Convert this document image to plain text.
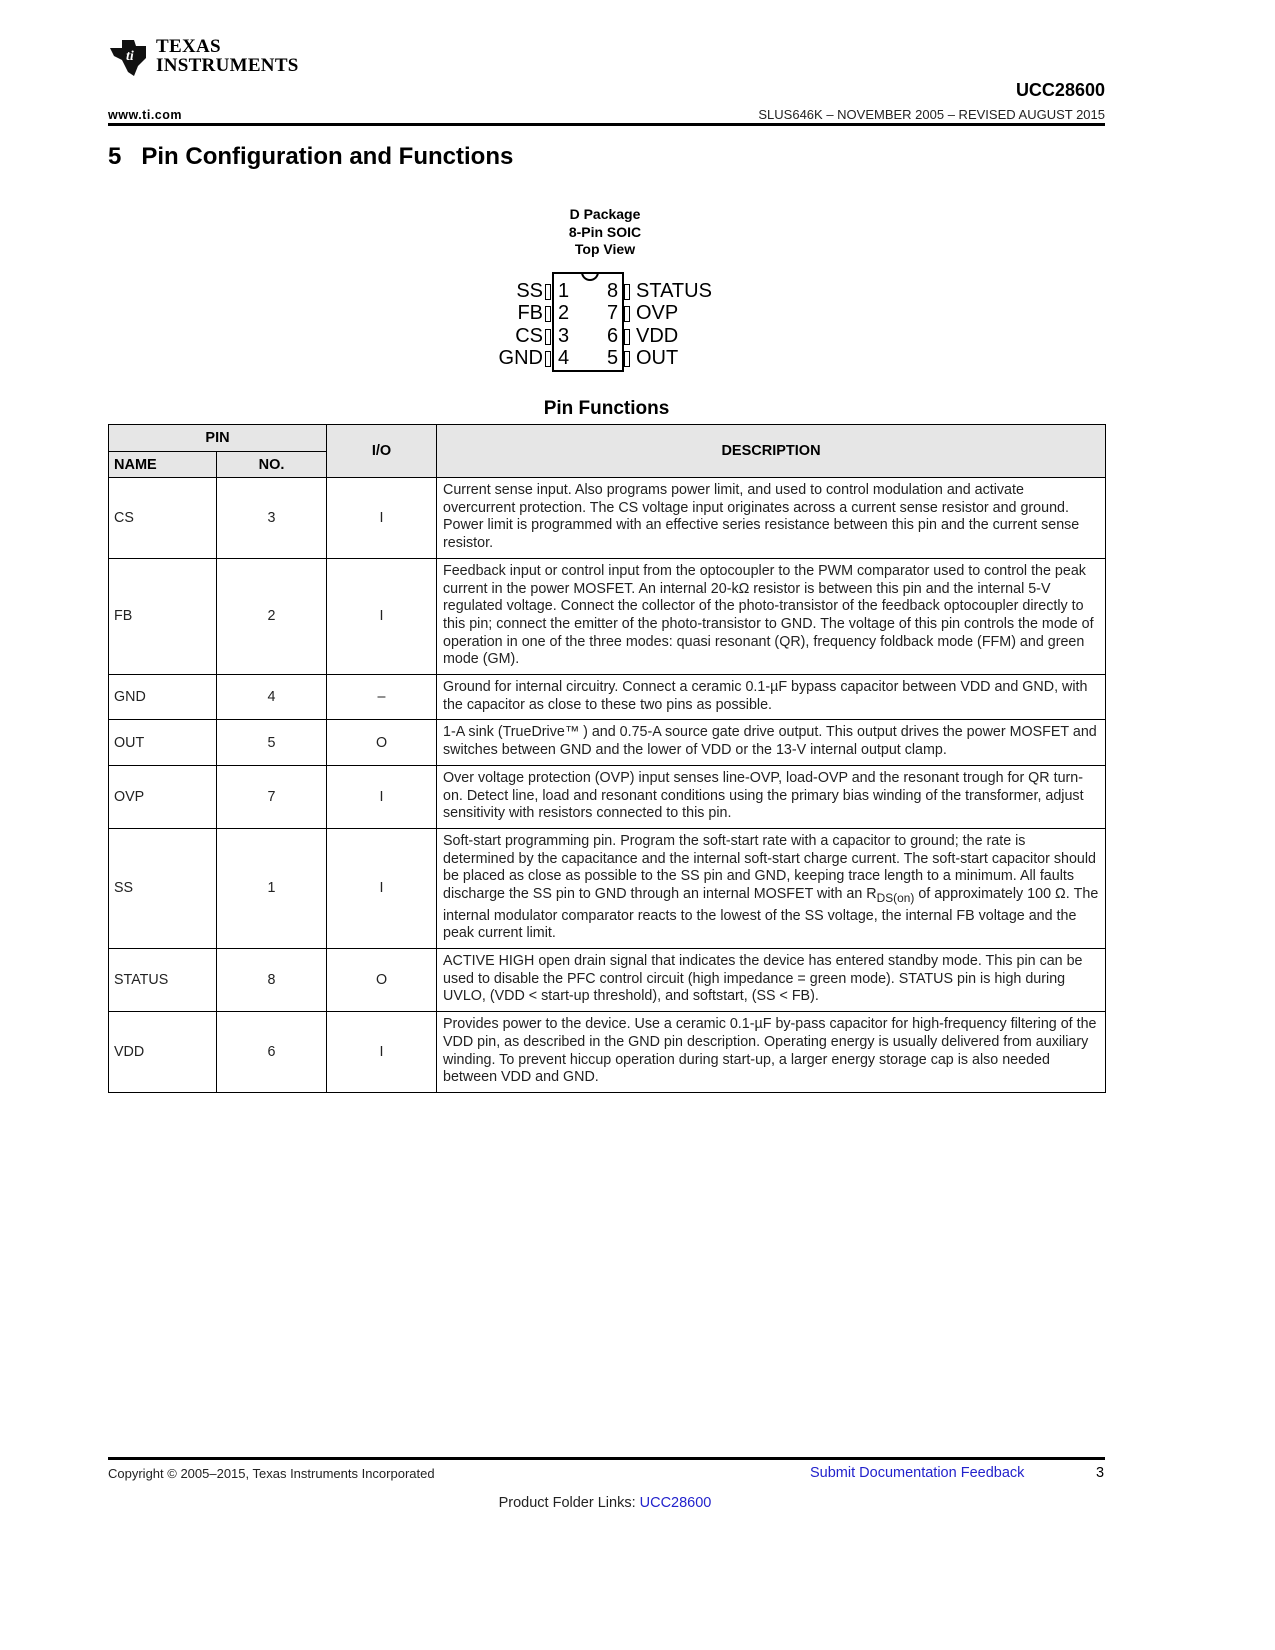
ti TEXAS
INSTRUMENTS
UCC28600
www.ti.com	SLUS646K – NOVEMBER 2005 – REVISED AUGUST 2015
5 Pin Configuration and Functions
D Package
8-Pin SOIC
Top View
SS
FB
CS
GND
1
2
3
4
8
7
6
5
STATUS
OVP
VDD
OUT
Pin Functions
PIN		I/O	DESCRIPTION
NAME	NO.		
CS	3	I	Current sense input. Also programs power limit, and used to control modulation and activate overcurrent protection. The CS voltage input originates across a current sense resistor and ground. Power limit is programmed with an effective series resistance between this pin and the current sense resistor.
FB	2	I	Feedback input or control input from the optocoupler to the PWM comparator used to control the peak current in the power MOSFET. An internal 20-kΩ resistor is between this pin and the internal 5-V regulated voltage. Connect the collector of the photo-transistor of the feedback optocoupler directly to this pin; connect the emitter of the photo-transistor to GND. The voltage of this pin controls the mode of operation in one of the three modes: quasi resonant (QR), frequency foldback mode (FFM) and green mode (GM).
GND	4	–	Ground for internal circuitry. Connect a ceramic 0.1-µF bypass capacitor between VDD and GND, with the capacitor as close to these two pins as possible.
OUT	5	O	1-A sink (TrueDrive™ ) and 0.75-A source gate drive output. This output drives the power MOSFET and switches between GND and the lower of VDD or the 13-V internal output clamp.
OVP	7	I	Over voltage protection (OVP) input senses line-OVP, load-OVP and the resonant trough for QR turn-on. Detect line, load and resonant conditions using the primary bias winding of the transformer, adjust sensitivity with resistors connected to this pin.
SS	1	I	Soft-start programming pin. Program the soft-start rate with a capacitor to ground; the rate is determined by the capacitance and the internal soft-start charge current. The soft-start capacitor should be placed as close as possible to the SS pin and GND, keeping trace length to a minimum. All faults discharge the SS pin to GND through an internal MOSFET with an $R_{DS(on)}$ of approximately 100 Ω. The internal modulator comparator reacts to the lowest of the SS voltage, the internal FB voltage and the peak current limit.
STATUS	8	O	ACTIVE HIGH open drain signal that indicates the device has entered standby mode. This pin can be used to disable the PFC control circuit (high impedance = green mode). STATUS pin is high during UVLO, (VDD < start-up threshold), and softstart, (SS < FB).
VDD	6	I	Provides power to the device. Use a ceramic 0.1-µF by-pass capacitor for high-frequency filtering of the VDD pin, as described in the GND pin description. Operating energy is usually delivered from auxiliary winding. To prevent hiccup operation during start-up, a larger energy storage cap is also needed between VDD and GND.
Copyright © 2005–2015, Texas Instruments Incorporated	Submit Documentation Feedback	3
Product Folder Links: UCC28600
